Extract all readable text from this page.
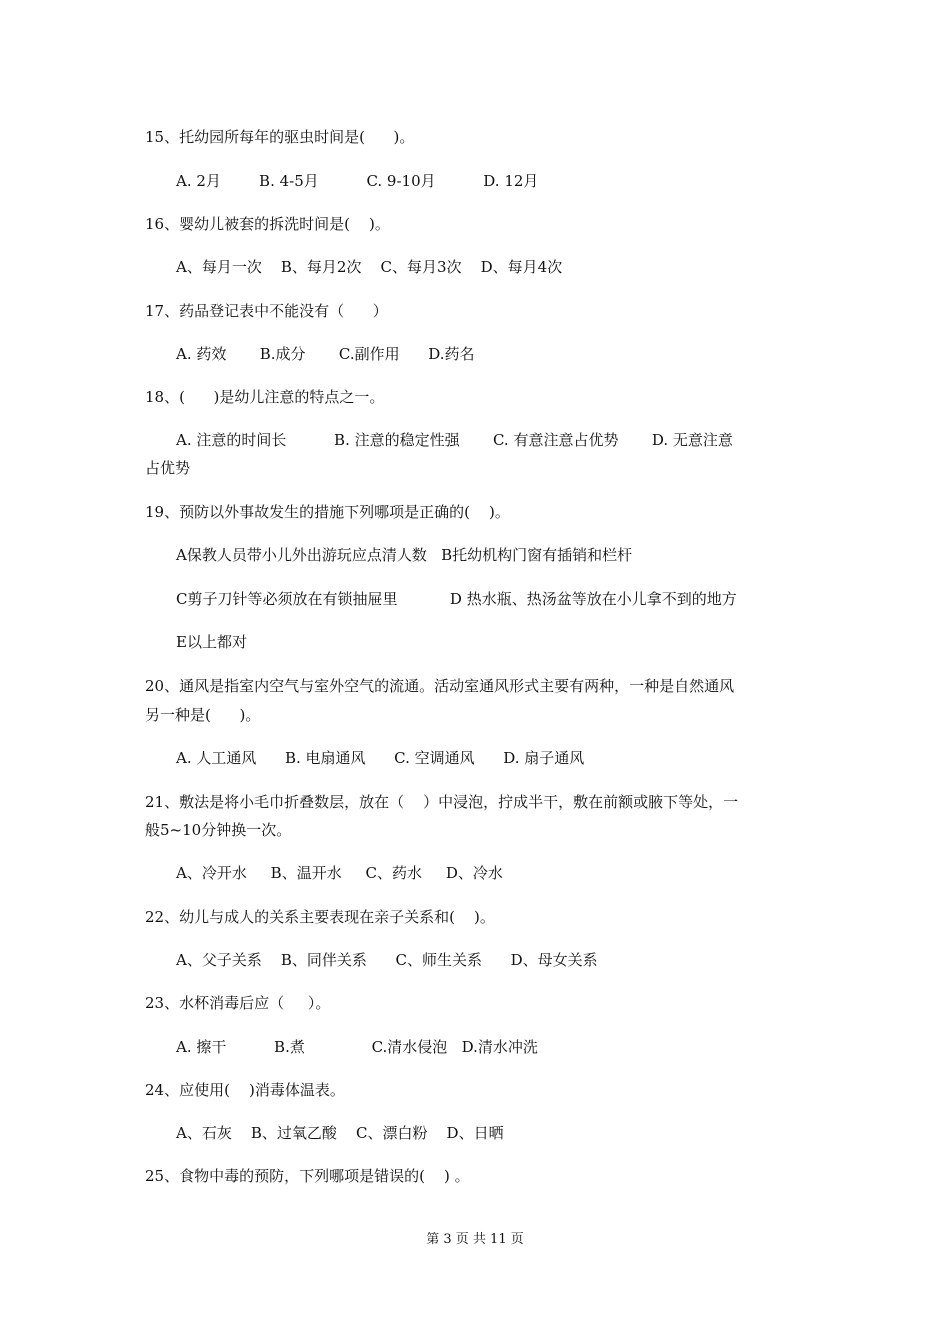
15、托幼园所每年的驱虫时间是(      )。
A. 2月        B. 4-5月          C. 9-10月          D. 12月
16、婴幼儿被套的拆洗时间是(    )。
A、每月一次    B、每月2次    C、每月3次    D、每月4次
17、药品登记表中不能没有（      ）
A. 药效       B.成分       C.副作用      D.药名
18、(      )是幼儿注意的特点之一。
A. 注意的时间长          B. 注意的稳定性强       C. 有意注意占优势       D. 无意注意
占优势
19、预防以外事故发生的措施下列哪项是正确的(    )。
A保教人员带小儿外出游玩应点清人数   B托幼机构门窗有插销和栏杆
C剪子刀针等必须放在有锁抽屉里           D 热水瓶、热汤盆等放在小儿拿不到的地方
E以上都对
20、通风是指室内空气与室外空气的流通。活动室通风形式主要有两种，一种是自然通风
另一种是(      )。
A. 人工通风      B. 电扇通风      C. 空调通风      D. 扇子通风
21、敷法是将小毛巾折叠数层，放在（    ）中浸泡，拧成半干，敷在前额或腋下等处，一
般5~10分钟换一次。
A、冷开水     B、温开水     C、药水     D、冷水
22、幼儿与成人的关系主要表现在亲子关系和(    )。
A、父子关系    B、同伴关系      C、师生关系      D、母女关系
23、水杯消毒后应（     ）。
A. 擦干          B.煮              C.清水侵泡   D.清水冲洗
24、应使用(    )消毒体温表。
A、石灰    B、过氧乙酸    C、漂白粉    D、日晒
25、食物中毒的预防，下列哪项是错误的(    ) 。
第 3 页 共 11 页
